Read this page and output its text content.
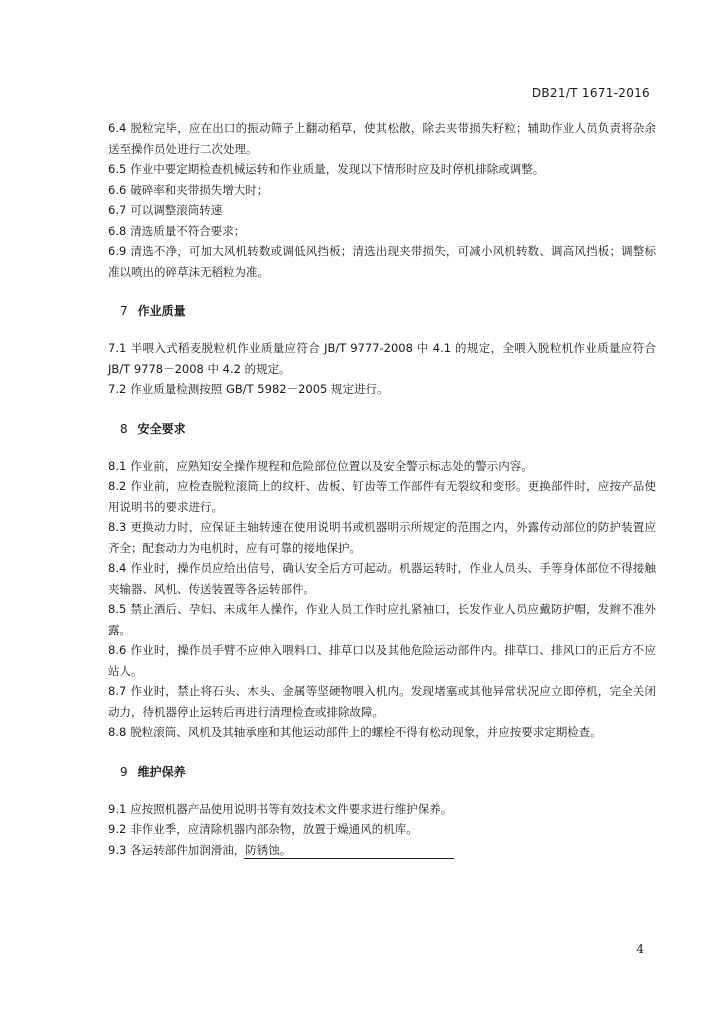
DB21/T 1671-2016

6.4 脱粒完毕，应在出口的振动筛子上翻动稻草，使其松散，除去夹带损失籽粒；辅助作业人员负责将杂余送至操作员处进行二次处理。

6.5 作业中要定期检查机械运转和作业质量，发现以下情形时应及时停机排除或调整。

6.6 破碎率和夹带损失增大时；

6.7 可以调整滚筒转速

6.8 清选质量不符合要求；

6.9 清选不净，可加大风机转数或调低风挡板；清选出现夹带损失，可减小风机转数、调高风挡板；调整标准以喷出的碎草沫无稻粒为准。

7 作业质量

7.1 半喂入式稻麦脱粒机作业质量应符合 JB/T 9777-2008 中 4.1 的规定，全喂入脱粒机作业质量应符合 JB/T 9778－2008 中 4.2 的规定。

7.2 作业质量检测按照 GB/T 5982－2005 规定进行。

8 安全要求

8.1 作业前，应熟知安全操作规程和危险部位位置以及安全警示标志处的警示内容。

8.2 作业前，应检查脱粒滚筒上的纹杆、齿板、钉齿等工作部件有无裂纹和变形。更换部件时，应按产品使用说明书的要求进行。

8.3 更换动力时，应保证主轴转速在使用说明书或机器明示所规定的范围之内，外露传动部位的防护装置应齐全；配套动力为电机时，应有可靠的接地保护。

8.4 作业时，操作员应给出信号，确认安全后方可起动。机器运转时，作业人员头、手等身体部位不得接触夹输器、风机、传送装置等各运转部件。

8.5 禁止酒后、孕妇、未成年人操作，作业人员工作时应扎紧袖口，长发作业人员应戴防护帽，发辫不准外露。

8.6 作业时，操作员手臂不应伸入喂料口、排草口以及其他危险运动部件内。排草口、排风口的正后方不应站人。

8.7 作业时，禁止将石头、木头、金属等坚硬物喂入机内。发现堵塞或其他异常状况应立即停机，完全关闭动力，待机器停止运转后再进行清理检查或排除故障。

8.8 脱粒滚筒、风机及其轴承座和其他运动部件上的螺栓不得有松动现象，并应按要求定期检查。

9 维护保养

9.1 应按照机器产品使用说明书等有效技术文件要求进行维护保养。

9.2 非作业季，应清除机器内部杂物，放置于燥通风的机库。

9.3 各运转部件加润滑油，防锈蚀。

4
